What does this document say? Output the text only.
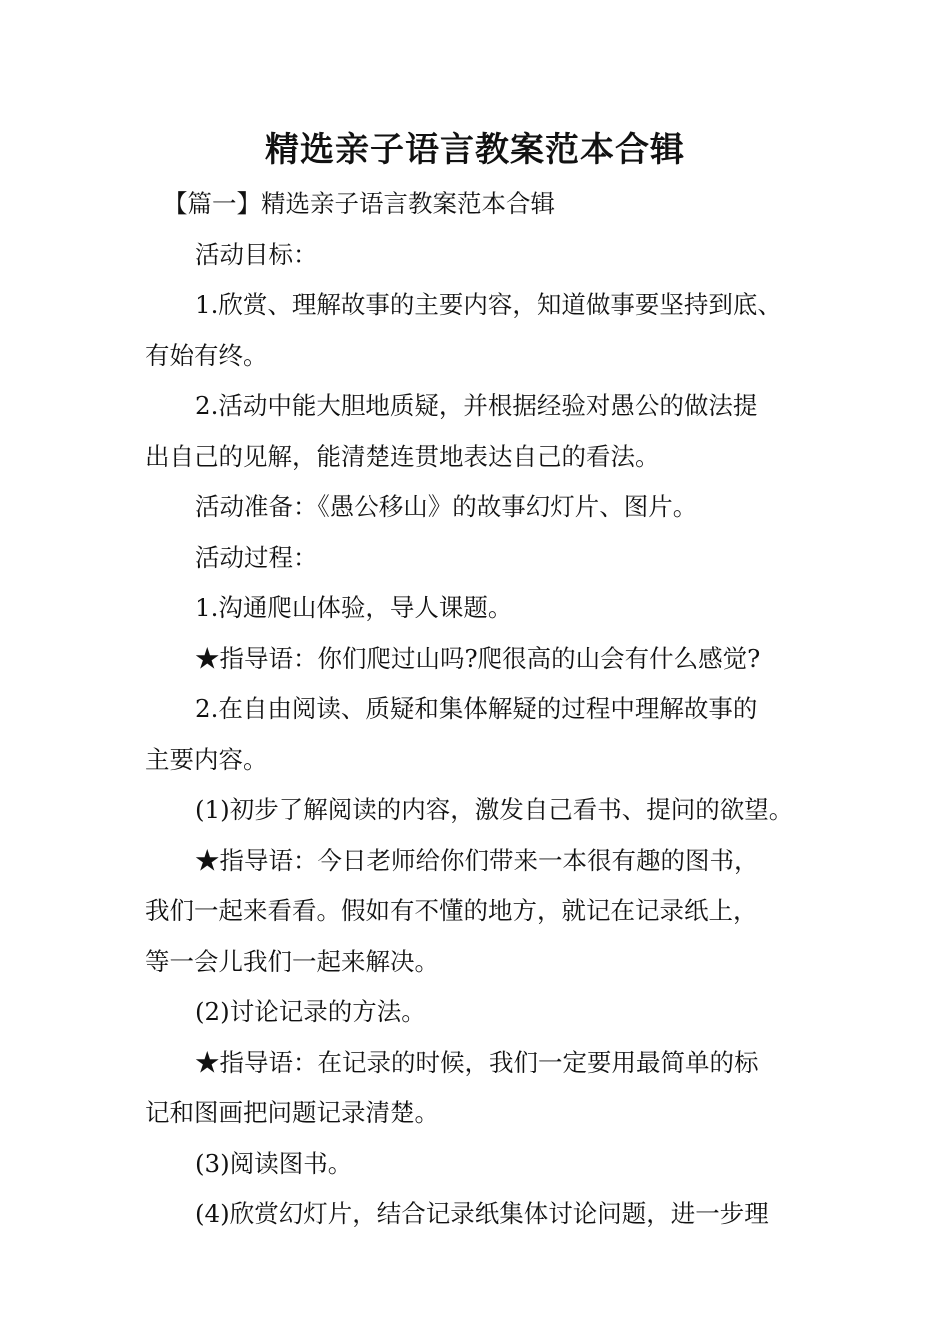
精选亲子语言教案范本合辑

【篇一】精选亲子语言教案范本合辑

活动目标：

1.欣赏、理解故事的主要内容，知道做事要坚持到底、
有始有终。

2.活动中能大胆地质疑，并根据经验对愚公的做法提
出自己的见解，能清楚连贯地表达自己的看法。

活动准备：《愚公移山》的故事幻灯片、图片。

活动过程：

1.沟通爬山体验，导人课题。

★指导语：你们爬过山吗?爬很高的山会有什么感觉?

2.在自由阅读、质疑和集体解疑的过程中理解故事的
主要内容。

(1)初步了解阅读的内容，激发自己看书、提问的欲望。

★指导语：今日老师给你们带来一本很有趣的图书，
我们一起来看看。假如有不懂的地方，就记在记录纸上，
等一会儿我们一起来解决。

(2)讨论记录的方法。

★指导语：在记录的时候，我们一定要用最简单的标
记和图画把问题记录清楚。

(3)阅读图书。

(4)欣赏幻灯片，结合记录纸集体讨论问题，进一步理
